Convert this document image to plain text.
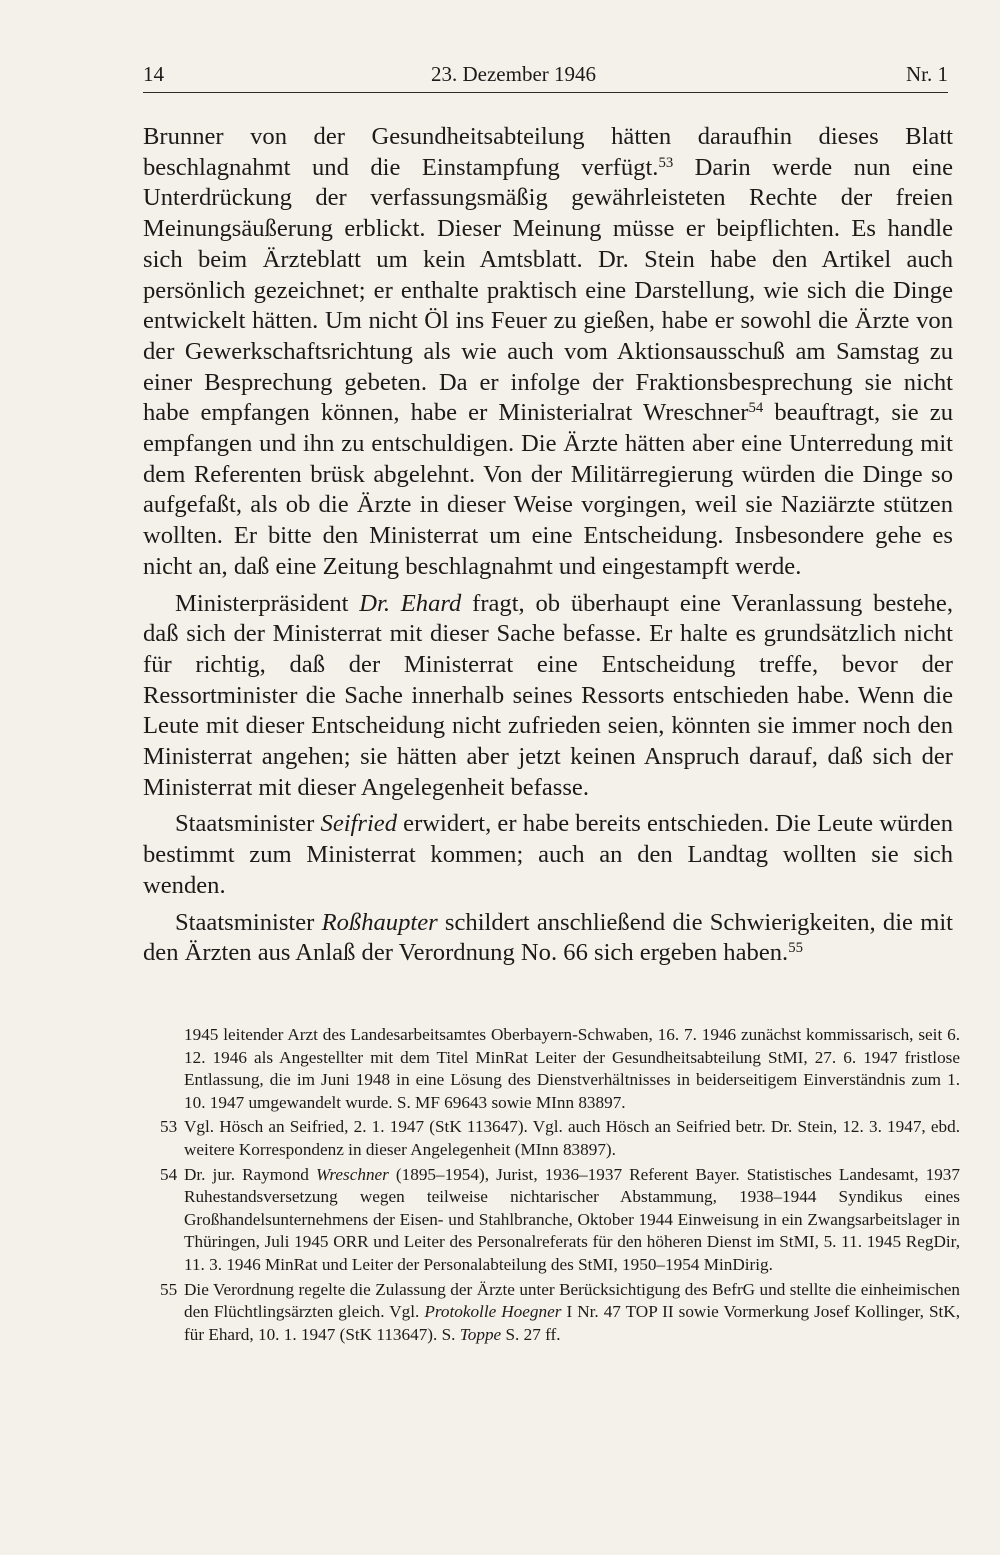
14	23. Dezember 1946	Nr. 1

Brunner von der Gesundheitsabteilung hätten daraufhin dieses Blatt beschlagnahmt und die Einstampfung verfügt.$^{53}$ Darin werde nun eine Unterdrückung der verfassungsmäßig gewährleisteten Rechte der freien Meinungsäußerung erblickt. Dieser Meinung müsse er beipflichten. Es handle sich beim Ärzteblatt um kein Amtsblatt. Dr. Stein habe den Artikel auch persönlich gezeichnet; er enthalte praktisch eine Darstellung, wie sich die Dinge entwickelt hätten. Um nicht Öl ins Feuer zu gießen, habe er sowohl die Ärzte von der Gewerkschaftsrichtung als wie auch vom Aktionsausschuß am Samstag zu einer Besprechung gebeten. Da er infolge der Fraktionsbesprechung sie nicht habe empfangen können, habe er Ministerialrat Wreschner$^{54}$ beauftragt, sie zu empfangen und ihn zu entschuldigen. Die Ärzte hätten aber eine Unterredung mit dem Referenten brüsk abgelehnt. Von der Militärregierung würden die Dinge so aufgefaßt, als ob die Ärzte in dieser Weise vorgingen, weil sie Naziärzte stützen wollten. Er bitte den Ministerrat um eine Entscheidung. Insbesondere gehe es nicht an, daß eine Zeitung beschlagnahmt und eingestampft werde.

Ministerpräsident Dr. Ehard fragt, ob überhaupt eine Veranlassung bestehe, daß sich der Ministerrat mit dieser Sache befasse. Er halte es grundsätzlich nicht für richtig, daß der Ministerrat eine Entscheidung treffe, bevor der Ressortminister die Sache innerhalb seines Ressorts entschieden habe. Wenn die Leute mit dieser Entscheidung nicht zufrieden seien, könnten sie immer noch den Ministerrat angehen; sie hätten aber jetzt keinen Anspruch darauf, daß sich der Ministerrat mit dieser Angelegenheit befasse.

Staatsminister Seifried erwidert, er habe bereits entschieden. Die Leute würden bestimmt zum Ministerrat kommen; auch an den Landtag wollten sie sich wenden.

Staatsminister Roßhaupter schildert anschließend die Schwierigkeiten, die mit den Ärzten aus Anlaß der Verordnung No. 66 sich ergeben haben.$^{55}$

1945 leitender Arzt des Landesarbeitsamtes Oberbayern-Schwaben, 16. 7. 1946 zunächst kommissarisch, seit 6. 12. 1946 als Angestellter mit dem Titel MinRat Leiter der Gesundheitsabteilung StMI, 27. 6. 1947 fristlose Entlassung, die im Juni 1948 in eine Lösung des Dienstverhältnisses in beiderseitigem Einverständnis zum 1. 10. 1947 umgewandelt wurde. S. MF 69643 sowie MInn 83897.

53 Vgl. Hösch an Seifried, 2. 1. 1947 (StK 113647). Vgl. auch Hösch an Seifried betr. Dr. Stein, 12. 3. 1947, ebd. weitere Korrespondenz in dieser Angelegenheit (MInn 83897).

54 Dr. jur. Raymond Wreschner (1895–1954), Jurist, 1936–1937 Referent Bayer. Statistisches Landesamt, 1937 Ruhestandsversetzung wegen teilweise nichtarischer Abstammung, 1938–1944 Syndikus eines Großhandelsunternehmens der Eisen- und Stahlbranche, Oktober 1944 Einweisung in ein Zwangsarbeitslager in Thüringen, Juli 1945 ORR und Leiter des Personalreferats für den höheren Dienst im StMI, 5. 11. 1945 RegDir, 11. 3. 1946 MinRat und Leiter der Personalabteilung des StMI, 1950–1954 MinDirig.

55 Die Verordnung regelte die Zulassung der Ärzte unter Berücksichtigung des BefrG und stellte die einheimischen den Flüchtlingsärzten gleich. Vgl. Protokolle Hoegner I Nr. 47 TOP II sowie Vormerkung Josef Kollinger, StK, für Ehard, 10. 1. 1947 (StK 113647). S. Toppe S. 27 ff.
